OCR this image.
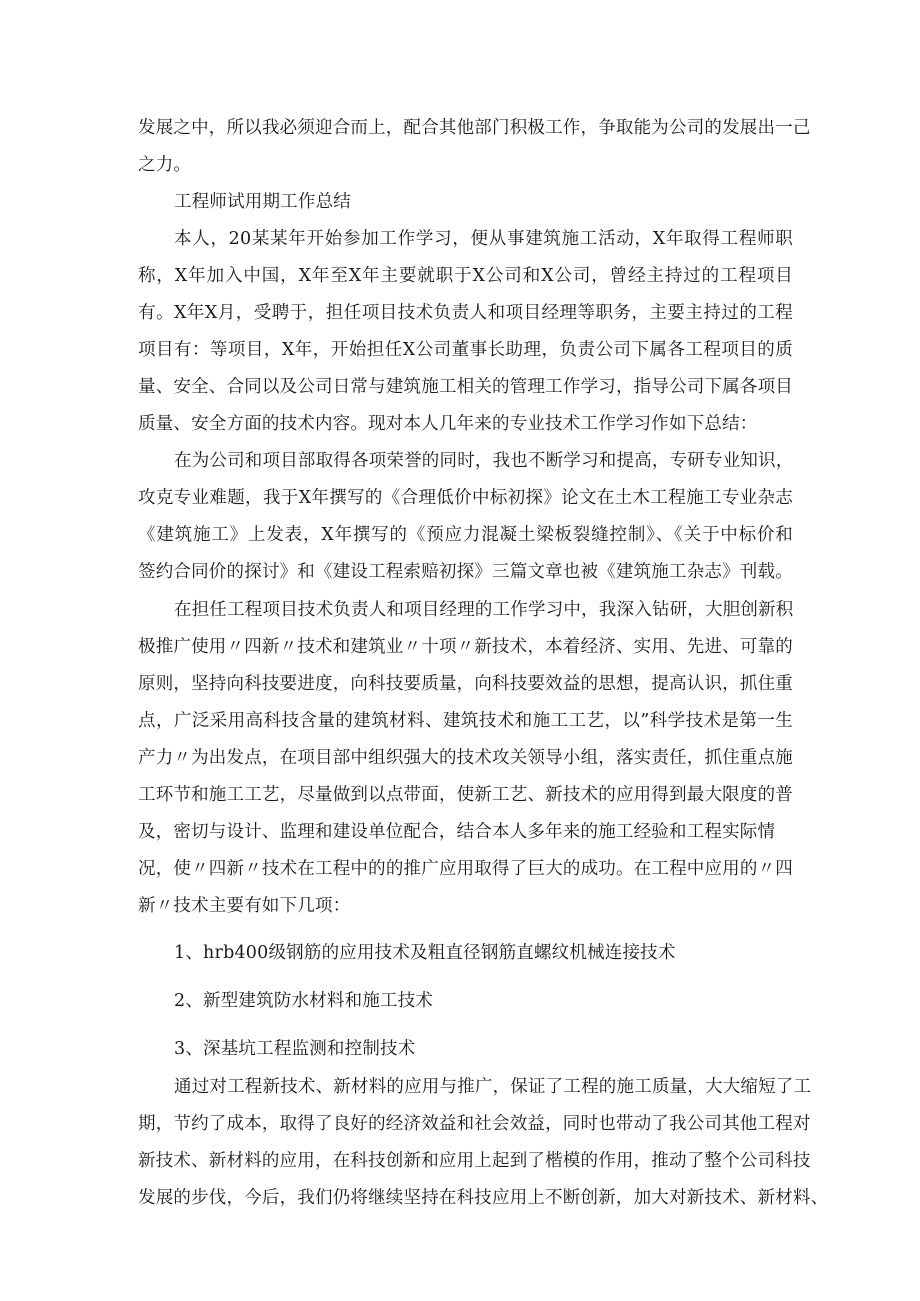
发展之中，所以我必须迎合而上，配合其他部门积极工作，争取能为公司的发展出一己
之力。
工程师试用期工作总结
本人，20某某年开始参加工作学习，便从事建筑施工活动，X年取得工程师职
称，X年加入中国，X年至X年主要就职于X公司和X公司，曾经主持过的工程项目
有。X年X月，受聘于，担任项目技术负责人和项目经理等职务，主要主持过的工程
项目有：等项目，X年，开始担任X公司董事长助理，负责公司下属各工程项目的质
量、安全、合同以及公司日常与建筑施工相关的管理工作学习，指导公司下属各项目
质量、安全方面的技术内容。现对本人几年来的专业技术工作学习作如下总结：
在为公司和项目部取得各项荣誉的同时，我也不断学习和提高，专研专业知识，
攻克专业难题，我于X年撰写的《合理低价中标初探》论文在土木工程施工专业杂志
《建筑施工》上发表，X年撰写的《预应力混凝土梁板裂缝控制》、《关于中标价和
签约合同价的探讨》和《建设工程索赔初探》三篇文章也被《建筑施工杂志》刊载。
在担任工程项目技术负责人和项目经理的工作学习中，我深入钻研，大胆创新积
极推广使用〃四新〃技术和建筑业〃十项〃新技术，本着经济、实用、先进、可靠的
原则，坚持向科技要进度，向科技要质量，向科技要效益的思想，提高认识，抓住重
点，广泛采用高科技含量的建筑材料、建筑技术和施工工艺，以”科学技术是第一生
产力〃为出发点，在项目部中组织强大的技术攻关领导小组，落实责任，抓住重点施
工环节和施工工艺，尽量做到以点带面，使新工艺、新技术的应用得到最大限度的普
及，密切与设计、监理和建设单位配合，结合本人多年来的施工经验和工程实际情
况，使〃四新〃技术在工程中的的推广应用取得了巨大的成功。在工程中应用的〃四
新〃技术主要有如下几项：
1、hrb400级钢筋的应用技术及粗直径钢筋直螺纹机械连接技术
2、新型建筑防水材料和施工技术
3、深基坑工程监测和控制技术
通过对工程新技术、新材料的应用与推广，保证了工程的施工质量，大大缩短了工
期，节约了成本，取得了良好的经济效益和社会效益，同时也带动了我公司其他工程对
新技术、新材料的应用，在科技创新和应用上起到了楷模的作用，推动了整个公司科技
发展的步伐，今后，我们仍将继续坚持在科技应用上不断创新，加大对新技术、新材料、
